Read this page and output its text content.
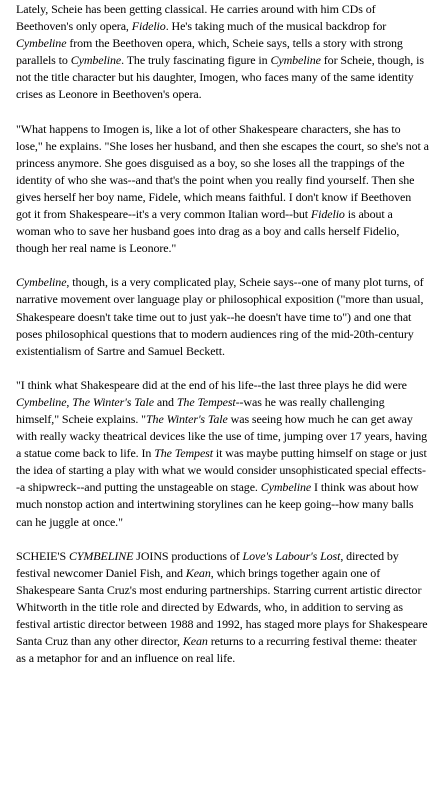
Lately, Scheie has been getting classical. He carries around with him CDs of Beethoven's only opera, Fidelio. He's taking much of the musical backdrop for Cymbeline from the Beethoven opera, which, Scheie says, tells a story with strong parallels to Cymbeline. The truly fascinating figure in Cymbeline for Scheie, though, is not the title character but his daughter, Imogen, who faces many of the same identity crises as Leonore in Beethoven's opera.

"What happens to Imogen is, like a lot of other Shakespeare characters, she has to lose," he explains. "She loses her husband, and then she escapes the court, so she's not a princess anymore. She goes disguised as a boy, so she loses all the trappings of the identity of who she was--and that's the point when you really find yourself. Then she gives herself her boy name, Fidele, which means faithful. I don't know if Beethoven got it from Shakespeare--it's a very common Italian word--but Fidelio is about a woman who to save her husband goes into drag as a boy and calls herself Fidelio, though her real name is Leonore."

Cymbeline, though, is a very complicated play, Scheie says--one of many plot turns, of narrative movement over language play or philosophical exposition ("more than usual, Shakespeare doesn't take time out to just yak--he doesn't have time to") and one that poses philosophical questions that to modern audiences ring of the mid-20th-century existentialism of Sartre and Samuel Beckett.

"I think what Shakespeare did at the end of his life--the last three plays he did were Cymbeline, The Winter's Tale and The Tempest--was he was really challenging himself," Scheie explains. "The Winter's Tale was seeing how much he can get away with really wacky theatrical devices like the use of time, jumping over 17 years, having a statue come back to life. In The Tempest it was maybe putting himself on stage or just the idea of starting a play with what we would consider unsophisticated special effects--a shipwreck--and putting the unstageable on stage. Cymbeline I think was about how much nonstop action and intertwining storylines can he keep going--how many balls can he juggle at once."

SCHEIE'S CYMBELINE JOINS productions of Love's Labour's Lost, directed by festival newcomer Daniel Fish, and Kean, which brings together again one of Shakespeare Santa Cruz's most enduring partnerships. Starring current artistic director Whitworth in the title role and directed by Edwards, who, in addition to serving as festival artistic director between 1988 and 1992, has staged more plays for Shakespeare Santa Cruz than any other director, Kean returns to a recurring festival theme: theater as a metaphor for and an influence on real life.
